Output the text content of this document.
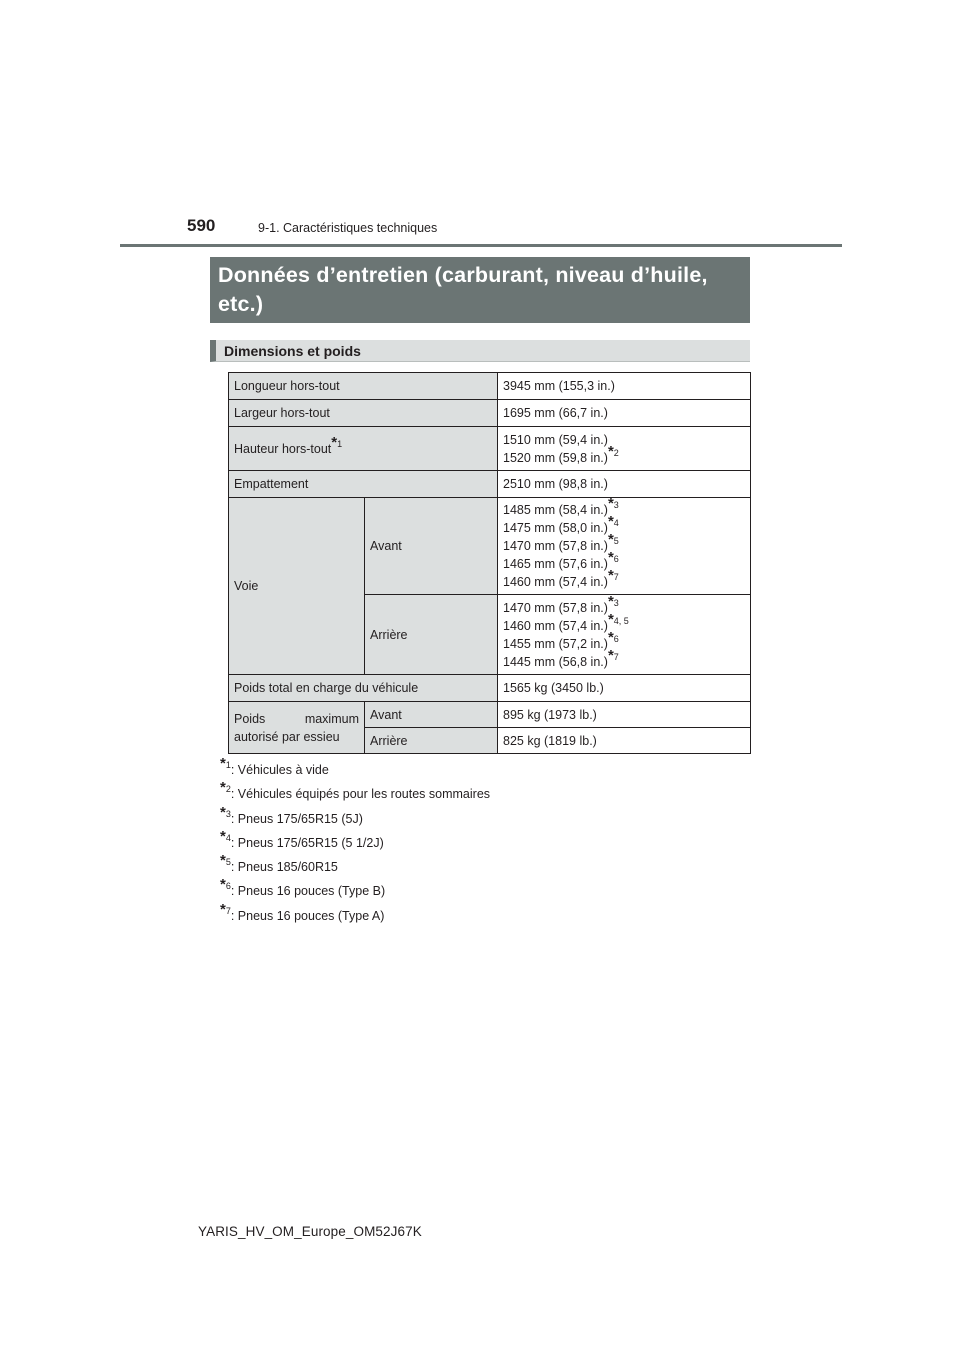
590	9-1. Caractéristiques techniques
Données d’entretien (carburant, niveau d’huile, etc.)
Dimensions et poids
Longueur hors-tout		3945 mm (155,3 in.)
Largeur hors-tout		1695 mm (66,7 in.)
Hauteur hors-tout$^{*1}$		1510 mm (59,4 in.)
1520 mm (59,8 in.)$^{*2}$

Empattement		2510 mm (98,8 in.)
Voie	Avant	1485 mm (58,4 in.)$^{*3}$
1475 mm (58,0 in.)$^{*4}$
1470 mm (57,8 in.)$^{*5}$
1465 mm (57,6 in.)$^{*6}$
1460 mm (57,4 in.)$^{*7}$

	Arrière	1470 mm (57,8 in.)$^{*3}$
1460 mm (57,4 in.)$^{*4, 5}$
1455 mm (57,2 in.)$^{*6}$
1445 mm (56,8 in.)$^{*7}$

Poids total en charge du véhicule		1565 kg (3450 lb.)

Poids maximum
autorisé par essieu	Avant	895 kg (1973 lb.)
	Arrière	825 kg (1819 lb.)
$^{*1}$: Véhicules à vide
$^{*2}$: Véhicules équipés pour les routes sommaires
$^{*3}$: Pneus 175/65R15 (5J)
$^{*4}$: Pneus 175/65R15 (5 1/2J)
$^{*5}$: Pneus 185/60R15
$^{*6}$: Pneus 16 pouces (Type B)
$^{*7}$: Pneus 16 pouces (Type A)
YARIS_HV_OM_Europe_OM52J67K
